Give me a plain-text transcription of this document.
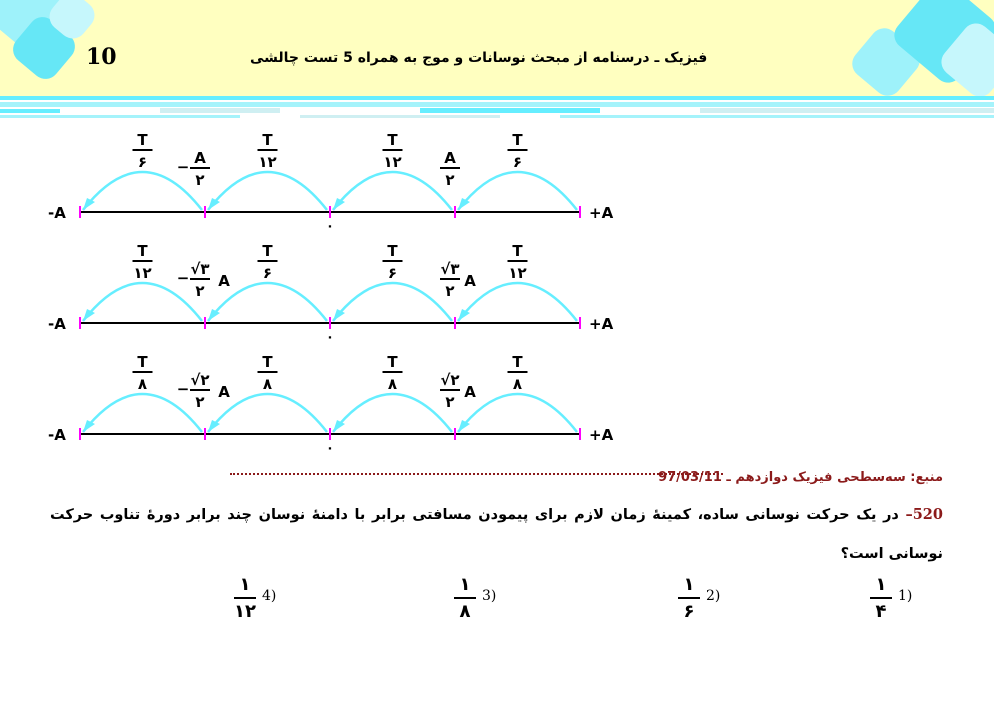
10	فیزیک ـ درسنامه از مبحث نوسانات و موج به همراه 5 تست چالشی
T
۶
T
۱۲
T
۱۲
T
۶
− A
۲
A
۲
-A	+A
۰
T
۱۲
T
۶
T
۶
T
۱۲
− √۳
۲
A
√۳
۲
A
-A	+A
۰
T
۸
T
۸
T
۸
T
۸
− √۲
۲
A
√۲
۲
A
-A	+A
۰
منبع: سه‌سطحی فیزیک دوازدهم ـ 97/03/11
520– در یک حرکت نوسانی ساده، کمینهٔ زمان لازم برای پیمودن مسافتی برابر با دامنهٔ نوسان چند برابر دورهٔ تناوب حرکت نوسانی است؟
1)
۱
۴
2)
۱
۶
3)
۱
۸
4)
۱
۱۲
